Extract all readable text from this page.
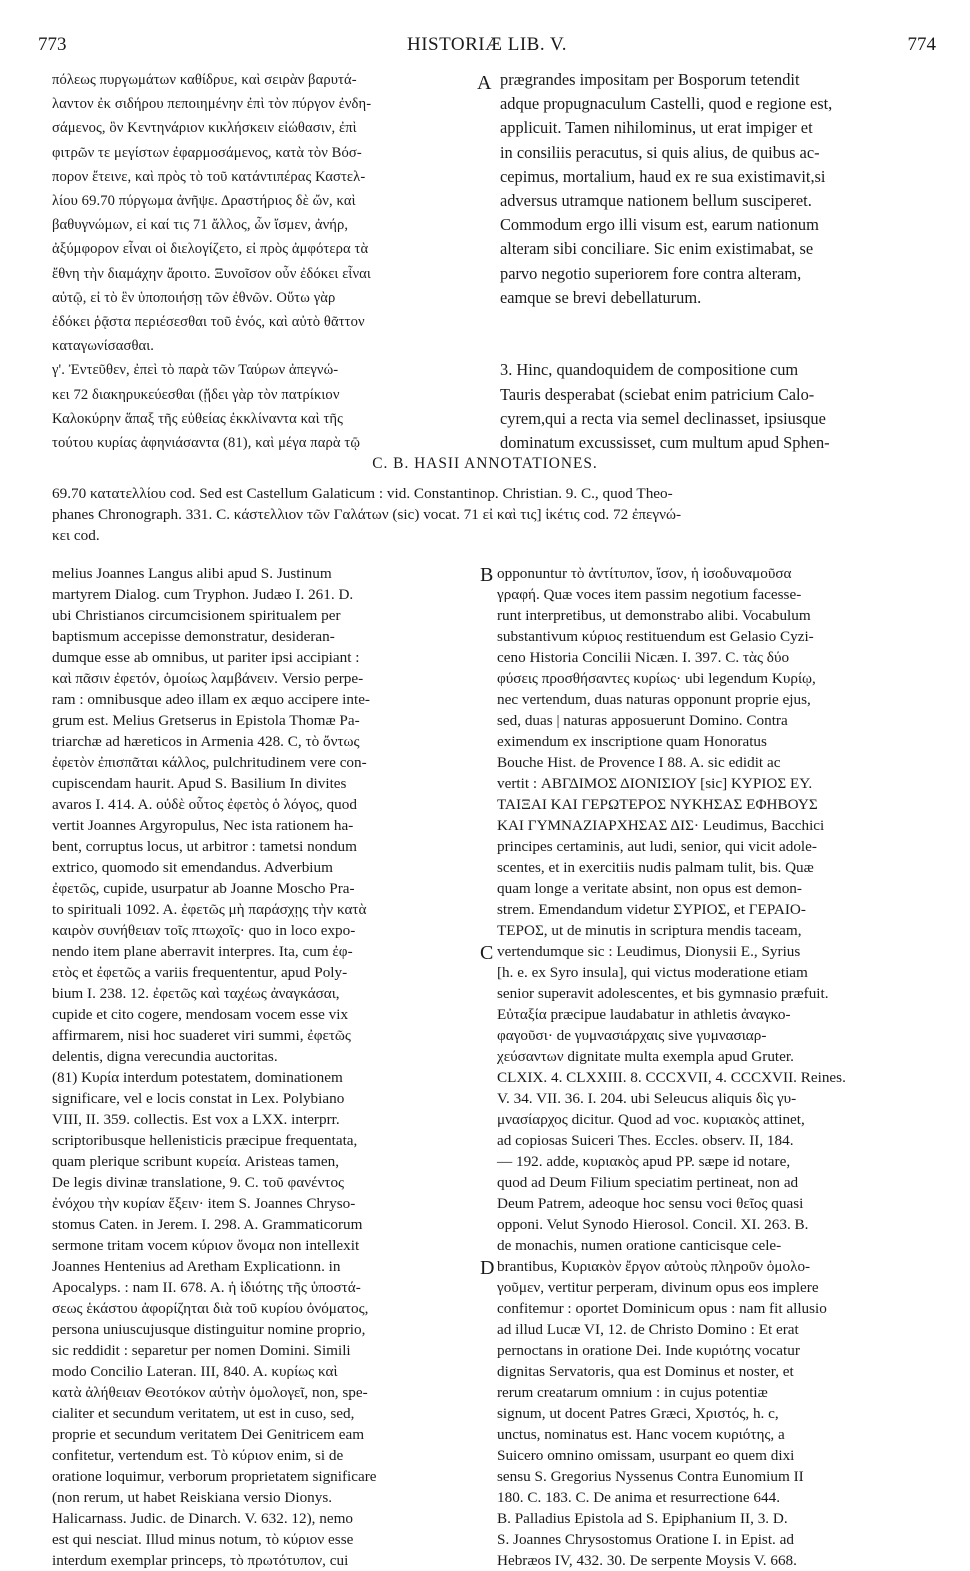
773	HISTORIÆ LIB. V.	774
πόλεως πυργωμάτων καθίδρυε, καὶ σειρὰν βαρυτά-
λαντον ἐκ σιδήρου πεποιημένην ἐπὶ τὸν πύργον ἐνδη-
σάμενος, ὃν Κεντηνάριον κικλήσκειν εἰώθασιν, ἐπὶ
φιτρῶν τε μεγίστων ἐφαρμοσάμενος, κατὰ τὸν Βόσ-
πορον ἔτεινε, καὶ πρὸς τὸ τοῦ κατάντιπέρας Καστελ-
λίου 69.70 πύργωμα ἀνῆψε. Δραστήριος δὲ ὤν, καὶ
βαθυγνώμων, εἰ καί τις 71 ἄλλος, ὧν ἴσμεν, ἀνήρ,
ἀξύμφορον εἶναι οἱ διελογίζετο, εἰ πρὸς ἀμφότερα τὰ
ἔθνη τὴν διαμάχην ἄροιτο. Ξυνοῖσον οὖν ἐδόκει εἶναι
αὐτῷ, εἰ τὸ ἓν ὑποποιήσῃ τῶν ἐθνῶν. Οὕτω γὰρ
ἐδόκει ῥᾷστα περιέσεσθαι τοῦ ἑνός, καὶ αὐτὸ θᾶττον
καταγωνίσασθαι.
γ'. Ἐντεῦθεν, ἐπεὶ τὸ παρὰ τῶν Ταύρων ἀπεγνώ-
κει 72 διακηρυκεύεσθαι (ᾔδει γὰρ τὸν πατρίκιον
Καλοκύρην ἅπαξ τῆς εὐθείας ἐκκλίναντα καὶ τῆς
τούτου κυρίας ἀφηνιάσαντα (81), καὶ μέγα παρὰ τῷ
A prægrandes impositam per Bosporum tetendit
adque propugnaculum Castelli, quod e regione est,
applicuit. Tamen nihilominus, ut erat impiger et
in consiliis peracutus, si quis alius, de quibus ac-
cepimus, mortalium, haud ex re sua existimavit,si
adversus utramque nationem bellum susciperet.
Commodum ergo illi visum est, earum nationum
alteram sibi conciliare. Sic enim existimabat, se
parvo negotio superiorem fore contra alteram,
eamque se brevi debellaturum.

3. Hinc, quandoquidem de compositione cum
Tauris desperabat (sciebat enim patricium Calo-
cyrem,qui a recta via semel declinasset, ipsiusque
dominatum excussisset, cum multum apud Sphen-
C. B. HASII ANNOTATIONES.
69.70 κατατελλίου cod. Sed est Castellum Galaticum : vid. Constantinop. Christian. 9. C., quod Theo-
phanes Chronograph. 331. C. κάστελλιον τῶν Γαλάτων (sic) vocat. 71 εἰ καὶ τις] ἱκέτις cod. 72 ἐπεγνώ-
κει cod.
melius Joannes Langus alibi apud S. Justinum
martyrem Dialog. cum Tryphon. Judæo I. 261. D.
ubi Christianos circumcisionem spiritualem per
baptismum accepisse demonstratur, desideran-
dumque esse ab omnibus, ut pariter ipsi accipiant :
καὶ πᾶσιν ἐφετόν, ὁμοίως λαμβάνειν. Versio perpe-
ram : omnibusque adeo illam ex æquo accipere inte-
grum est. Melius Gretserus in Epistola Thomæ Pa-
triarchæ ad hæreticos in Armenia 428. C, τὸ ὄντως
ἐφετὸν ἐπισπᾶται κάλλος, pulchritudinem vere con-
cupiscendam haurit. Apud S. Basilium In divites
avaros I. 414. A. οὐδὲ οὗτος ἐφετὸς ὁ λόγος, quod
vertit Joannes Argyropulus, Nec ista rationem ha-
bent, corruptus locus, ut arbitror : tametsi nondum
extrico, quomodo sit emendandus. Adverbium
ἐφετῶς, cupide, usurpatur ab Joanne Moscho Pra-
to spirituali 1092. A. ἐφετῶς μὴ παράσχῃς τὴν κατὰ
καιρὸν συνήθειαν τοῖς πτωχοῖς· quo in loco expo-
nendo item plane aberravit interpres. Ita, cum ἐφ-
ετὸς et ἐφετῶς a variis frequententur, apud Poly-
bium I. 238. 12. ἐφετῶς καὶ ταχέως ἀναγκάσαι,
cupide et cito cogere, mendosam vocem esse vix
affirmarem, nisi hoc suaderet viri summi, ἐφετῶς
delentis, digna verecundia auctoritas.
(81) Κυρία interdum potestatem, dominationem
significare, vel e locis constat in Lex. Polybiano
VIII, II. 359. collectis. Est vox a LXX. interprr.
scriptoribusque hellenisticis præcipue frequentata,
quam plerique scribunt κυρεία. Aristeas tamen,
De legis divinæ translatione, 9. C. τοῦ φανέντος
ἐνόχου τὴν κυρίαν ἕξειν· item S. Joannes Chryso-
stomus Caten. in Jerem. I. 298. A. Grammaticorum
sermone tritam vocem κύριον ὄνομα non intellexit
Joannes Hentenius ad Aretham Explicationn. in
Apocalyps. : nam II. 678. A. ἡ ἰδιότης τῆς ὑποστά-
σεως ἑκάστου ἀφορίζηται διὰ τοῦ κυρίου ὀνόματος,
persona uniuscujusque distinguitur nomine proprio,
sic reddidit : separetur per nomen Domini. Simili
modo Concilio Lateran. III, 840. A. κυρίως καὶ
κατὰ ἀλήθειαν Θεοτόκον αὐτὴν ὁμολογεῖ, non, spe-
cialiter et secundum veritatem, ut est in cuso, sed,
proprie et secundum veritatem Dei Genitricem eam
confitetur, vertendum est. Τὸ κύριον enim, si de
oratione loquimur, verborum proprietatem significare
(non rerum, ut habet Reiskiana versio Dionys.
Halicarnass. Judic. de Dinarch. V. 632. 12), nemo
est qui nesciat. Illud minus notum, τὸ κύριον esse
interdum exemplar princeps, τὸ πρωτότυπον, cui
B
C
D
opponuntur τὸ ἀντίτυπον, ἴσον, ἡ ἰσοδυναμοῦσα
γραφή. Quæ voces item passim negotium facesse-
runt interpretibus, ut demonstrabo alibi. Vocabulum
substantivum κύριος restituendum est Gelasio Cyzi-
ceno Historia Concilii Nicæn. I. 397. C. τὰς δύο
φύσεις προσθήσαντες κυρίως· ubi legendum Κυρίῳ,
nec vertendum, duas naturas opponunt proprie ejus,
sed, duas | naturas apposuerunt Domino. Contra
eximendum ex inscriptione quam Honoratus
Bouche Hist. de Provence I 88. A. sic edidit ac
vertit : ΑΒΓΔΙΜΟΣ ΔΙΟΝΙΣΙΟΥ [sic] ΚΥΡΙΟΣ ΕΥ.
ΤΑΙΞΑΙ ΚΑΙ ΓΕΡΩΤΕΡΟΣ ΝΥΚΗΣΑΣ ΕΦΗΒΟΥΣ
ΚΑΙ ΓΥΜΝΑΖΙΑΡΧΗΣΑΣ ΔΙΣ· Leudimus, Bacchici
principes certaminis, aut ludi, senior, qui vicit adole-
scentes, et in exercitiis nudis palmam tulit, bis. Quæ
quam longe a veritate absint, non opus est demon-
strem. Emendandum videtur ΣΥΡΙΟΣ, et ΓΕΡΑΙΟ-
ΤΕΡΟΣ, ut de minutis in scriptura mendis taceam,
vertendumque sic : Leudimus, Dionysii E., Syrius
[h. e. ex Syro insula], qui victus moderatione etiam
senior superavit adolescentes, et bis gymnasio præfuit.
Εὐταξία præcipue laudabatur in athletis ἀναγκο-
φαγοῦσι· de γυμνασιάρχαις sive γυμνασιαρ-
χεύσαντων dignitate multa exempla apud Gruter.
CLXIX. 4. CLXXIII. 8. CCCXVII, 4. CCCXVII. Reines.
V. 34. VII. 36. I. 204. ubi Seleucus aliquis δὶς γυ-
μνασίαρχος dicitur. Quod ad voc. κυριακὸς attinet,
ad copiosas Suiceri Thes. Eccles. observ. II, 184.
— 192. adde, κυριακὸς apud PP. sæpe id notare,
quod ad Deum Filium speciatim pertineat, non ad
Deum Patrem, adeoque hoc sensu voci θεῖος quasi
opponi. Velut Synodo Hierosol. Concil. XI. 263. B.
de monachis, numen oratione canticisque cele-
brantibus, Κυριακὸν ἔργον αὐτοὺς πληροῦν ὁμολο-
γοῦμεν, vertitur perperam, divinum opus eos implere
confitemur : oportet Dominicum opus : nam fit allusio
ad illud Lucæ VI, 12. de Christo Domino : Et erat
pernoctans in oratione Dei. Inde κυριότης vocatur
dignitas Servatoris, qua est Dominus et noster, et
rerum creatarum omnium : in cujus potentiæ
signum, ut docent Patres Græci, Χριστός, h. c,
unctus, nominatus est. Hanc vocem κυριότης, a
Suicero omnino omissam, usurpant eo quem dixi
sensu S. Gregorius Nyssenus Contra Eunomium II
180. C. 183. C. De anima et resurrectione 644.
B. Palladius Epistola ad S. Epiphanium II, 3. D.
S. Joannes Chrysostomus Oratione I. in Epist. ad
Hebræos IV, 432. 30. De serpente Moysis V. 668.
